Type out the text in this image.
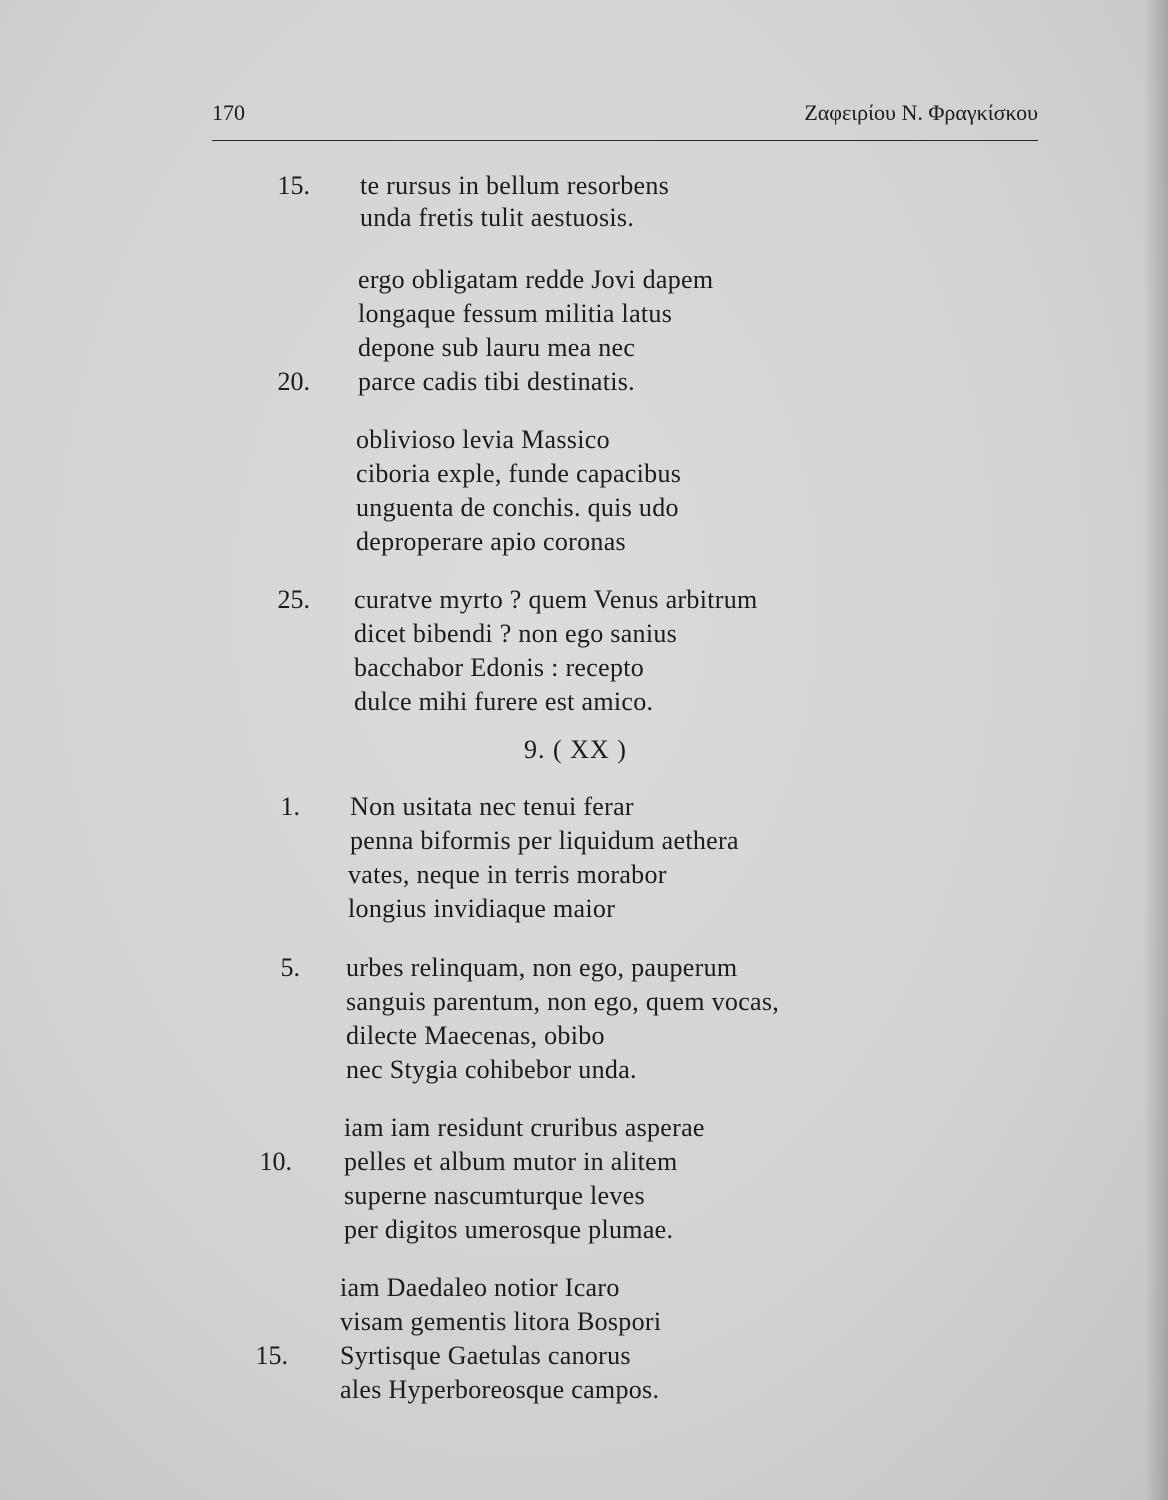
170	Ζαφειρίου Ν. Φραγκίσκου
9. ( XX )
15.
20.
25.
1.
5.
10.
15.
te rursus in bellum resorbens
unda fretis tulit aestuosis.
ergo obligatam redde Jovi dapem
longaque fessum militia latus
depone sub lauru mea nec
parce cadis tibi destinatis.
oblivioso levia Massico
ciboria exple, funde capacibus
unguenta de conchis. quis udo
deproperare apio coronas
curatve myrto ? quem Venus arbitrum
dicet bibendi ? non ego sanius
bacchabor Edonis : recepto
dulce mihi furere est amico.
Non usitata nec tenui ferar
penna biformis per liquidum aethera
vates, neque in terris morabor
longius invidiaque maior
urbes relinquam, non ego, pauperum
sanguis parentum, non ego, quem vocas,
dilecte Maecenas, obibo
nec Stygia cohibebor unda.
iam iam residunt cruribus asperae
pelles et album mutor in alitem
superne nascumturque leves
per digitos umerosque plumae.
iam Daedaleo notior Icaro
visam gementis litora Bospori
Syrtisque Gaetulas canorus
ales Hyperboreosque campos.
